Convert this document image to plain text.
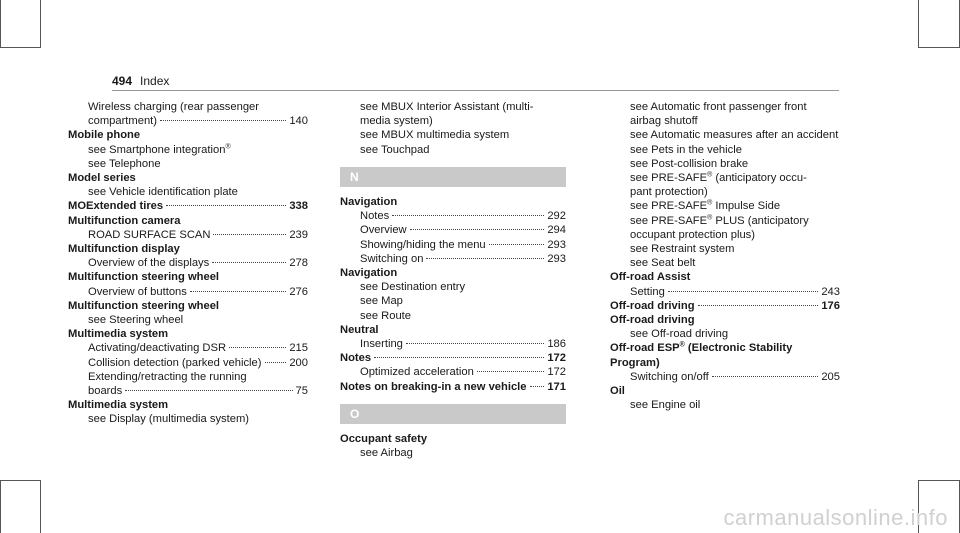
494 Index
Wireless charging (rear passenger
compartment)	140
Mobile phone
see Smartphone integration®
see Telephone
Model series
see Vehicle identification plate
MOExtended tires	338
Multifunction camera
ROAD SURFACE SCAN	239
Multifunction display
Overview of the displays	278
Multifunction steering wheel
Overview of buttons	276
Multifunction steering wheel
see Steering wheel
Multimedia system
Activating/deactivating DSR	215
Collision detection (parked vehicle) 200
Extending/retracting the running
boards	75
Multimedia system
see Display (multimedia system)
see MBUX Interior Assistant (multi-
media system)
see MBUX multimedia system
see Touchpad
N
Navigation
Notes	292
Overview	294
Showing/hiding the menu	293
Switching on	293
Navigation
see Destination entry
see Map
see Route
Neutral
Inserting	186
Notes	172
Optimized acceleration	172
Notes on breaking-in a new vehicle 171
O
Occupant safety
see Airbag
see Automatic front passenger front
airbag shutoff
see Automatic measures after an accident
see Pets in the vehicle
see Post-collision brake
see PRE-SAFE® (anticipatory occu-
pant protection)
see PRE-SAFE® Impulse Side
see PRE-SAFE® PLUS (anticipatory
occupant protection plus)
see Restraint system
see Seat belt
Off-road Assist
Setting	243
Off-road driving	176
Off-road driving
see Off-road driving
Off-road ESP® (Electronic Stability
Program)
Switching on/off	205
Oil
see Engine oil
carmanualsonline.info
